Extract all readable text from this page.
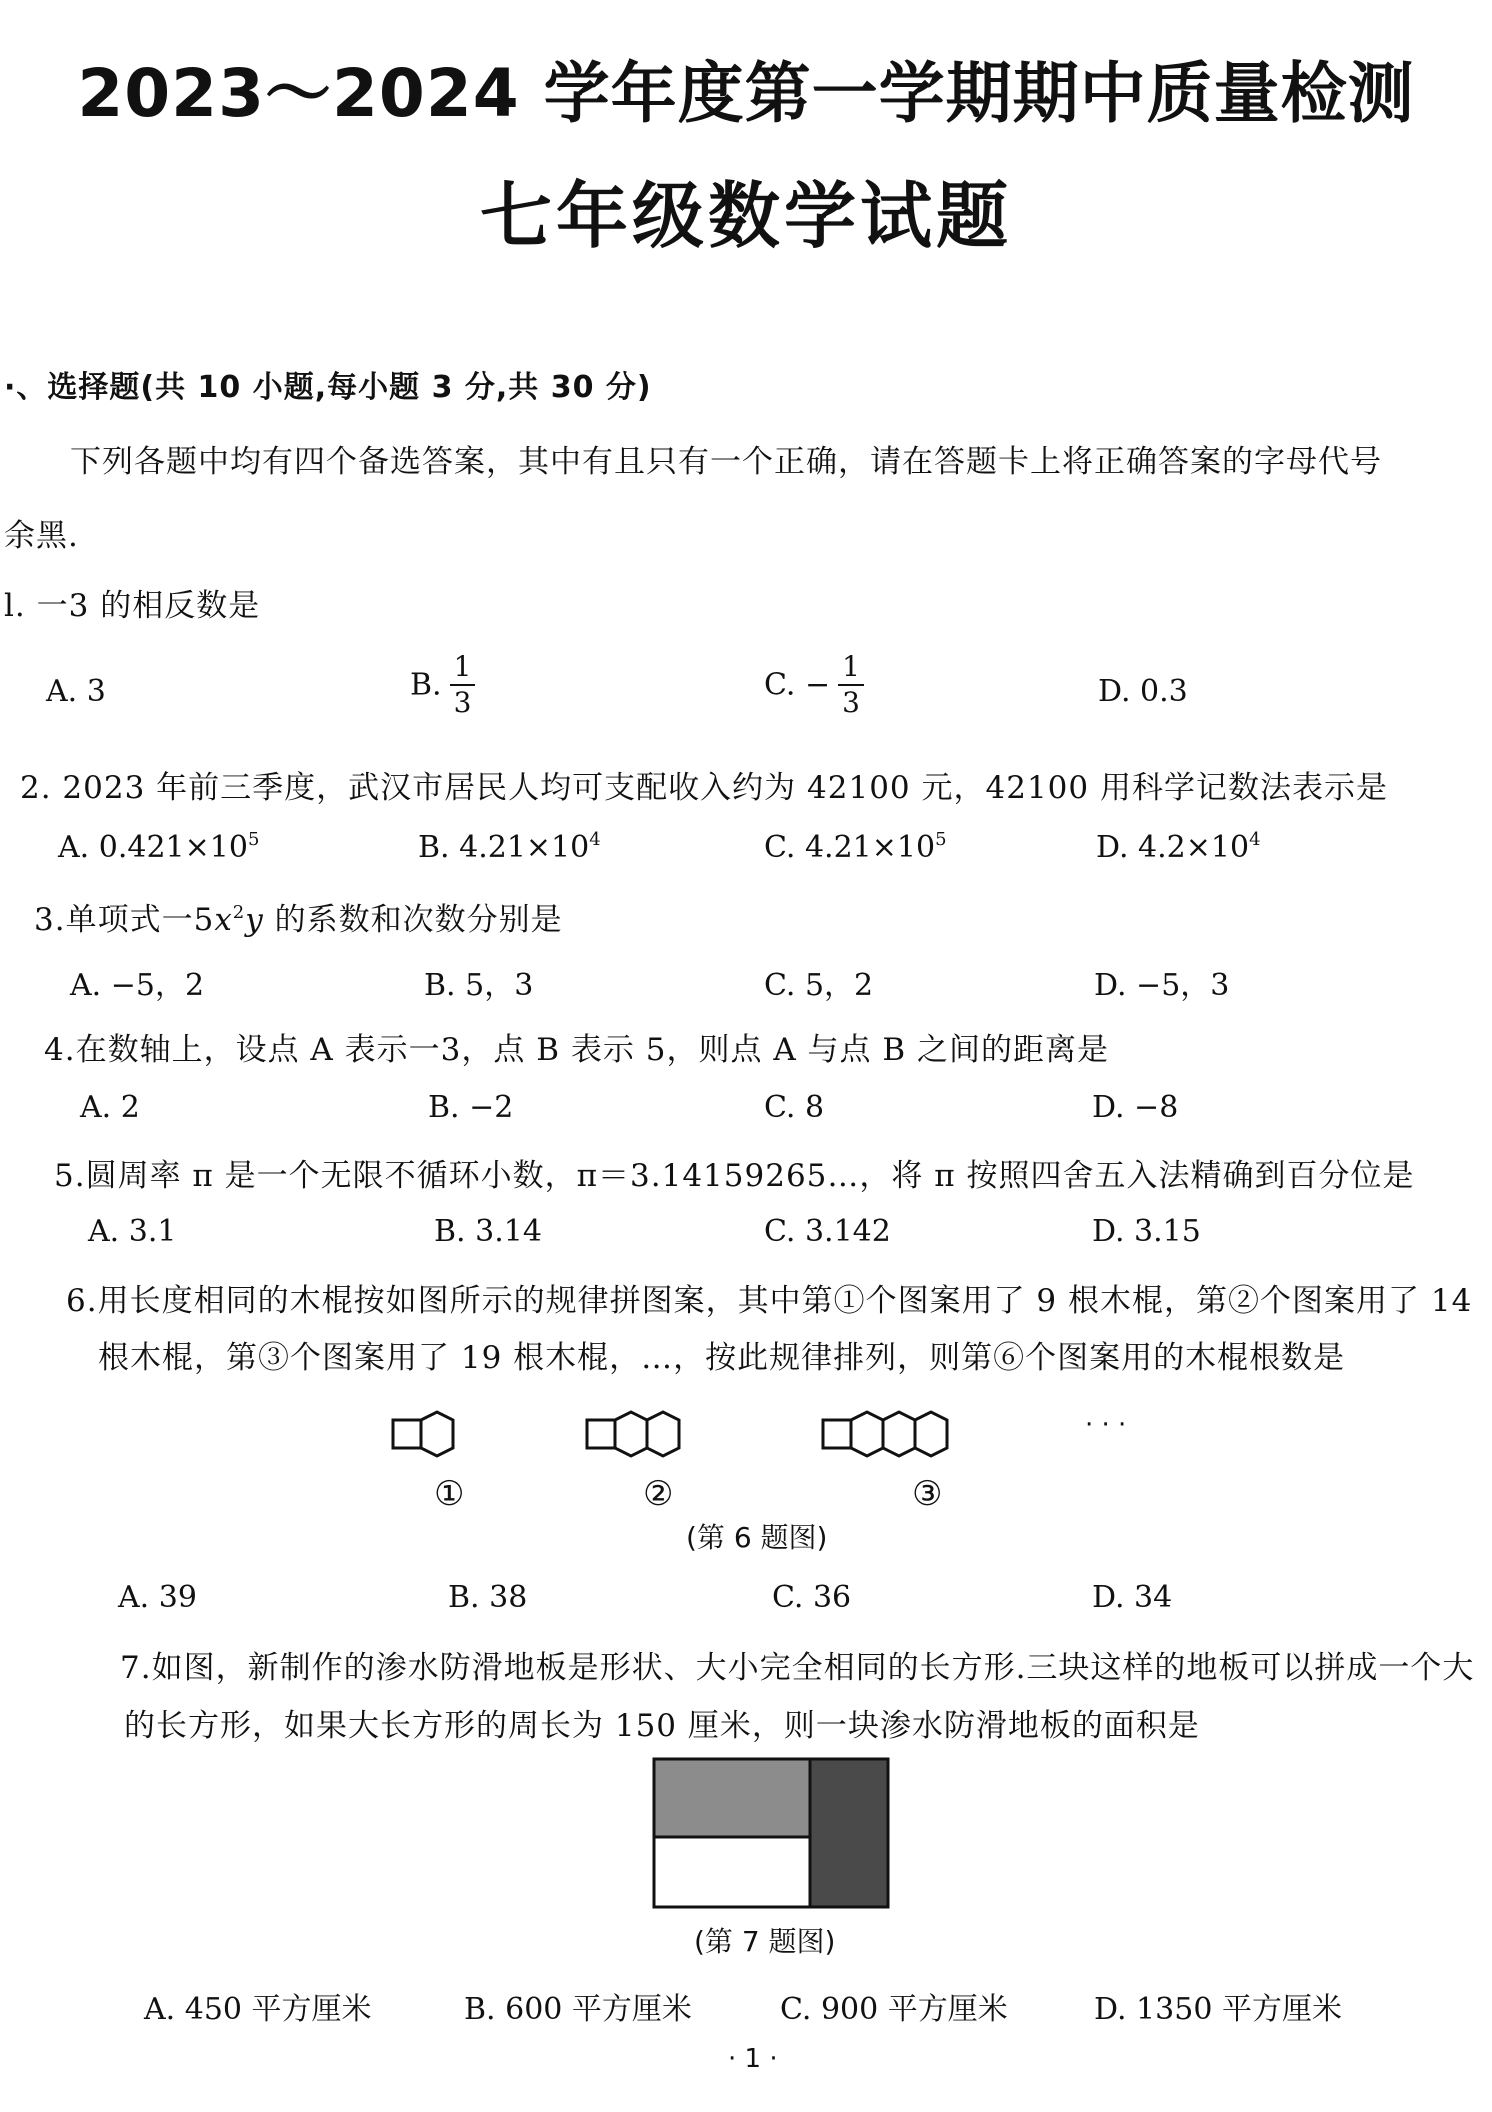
2023～2024 学年度第一学期期中质量检测
七年级数学试题
·、选择题(共 10 小题,每小题 3 分,共 30 分)
下列各题中均有四个备选答案，其中有且只有一个正确，请在答题卡上将正确答案的字母代号
余黑.
l. 一3 的相反数是
A. 3	B. $\frac{1}{3}$	C. − $\frac{1}{3}$	D. 0.3
2. 2023 年前三季度，武汉市居民人均可支配收入约为 42100 元，42100 用科学记数法表示是
A. $0.421\times 10^5$	B. $4.21\times 10^4$	C. $4.21\times 10^5$	D. $4.2\times 10^4$
3.单项式一$5x^2y$ 的系数和次数分别是
A. −5，2	B. 5，3	C. 5，2	D. −5，3
4.在数轴上，设点 A 表示一3，点 B 表示 5，则点 A 与点 B 之间的距离是
A. 2	B. −2	C. 8	D. −8
5.圆周率 π 是一个无限不循环小数，π＝3.14159265…，将 π 按照四舍五入法精确到百分位是
A. 3.1	B. 3.14	C. 3.142	D. 3.15
6.用长度相同的木棍按如图所示的规律拼图案，其中第①个图案用了 9 根木棍，第②个图案用了 14
根木棍，第③个图案用了 19 根木棍，…，按此规律排列，则第⑥个图案用的木棍根数是
· · ·
①	②	③
(第 6 题图)
A. 39	B. 38	C. 36	D. 34
7.如图，新制作的渗水防滑地板是形状、大小完全相同的长方形.三块这样的地板可以拼成一个大
的长方形，如果大长方形的周长为 150 厘米，则一块渗水防滑地板的面积是
(第 7 题图)
A. 450 平方厘米	B. 600 平方厘米	C. 900 平方厘米	D. 1350 平方厘米
· 1 ·
